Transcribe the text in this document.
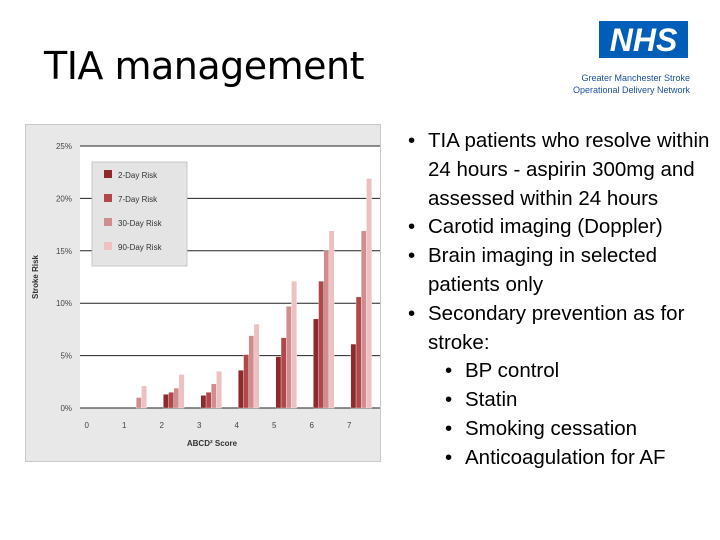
TIA management
NHS
Greater Manchester Stroke
Operational Delivery Network
0%
5%
10%
15%
20%
25%
0	1	2	3	4	5	6	7
Stroke Risk
ABCD² Score
2-Day Risk
7-Day Risk
30-Day Risk
90-Day Risk
• TIA patients who resolve within 24 hours - aspirin 300mg and assessed within 24 hours
• Carotid imaging (Doppler)
• Brain imaging in selected patients only
• Secondary prevention as for stroke:
• BP control
• Statin
• Smoking cessation
• Anticoagulation for AF
